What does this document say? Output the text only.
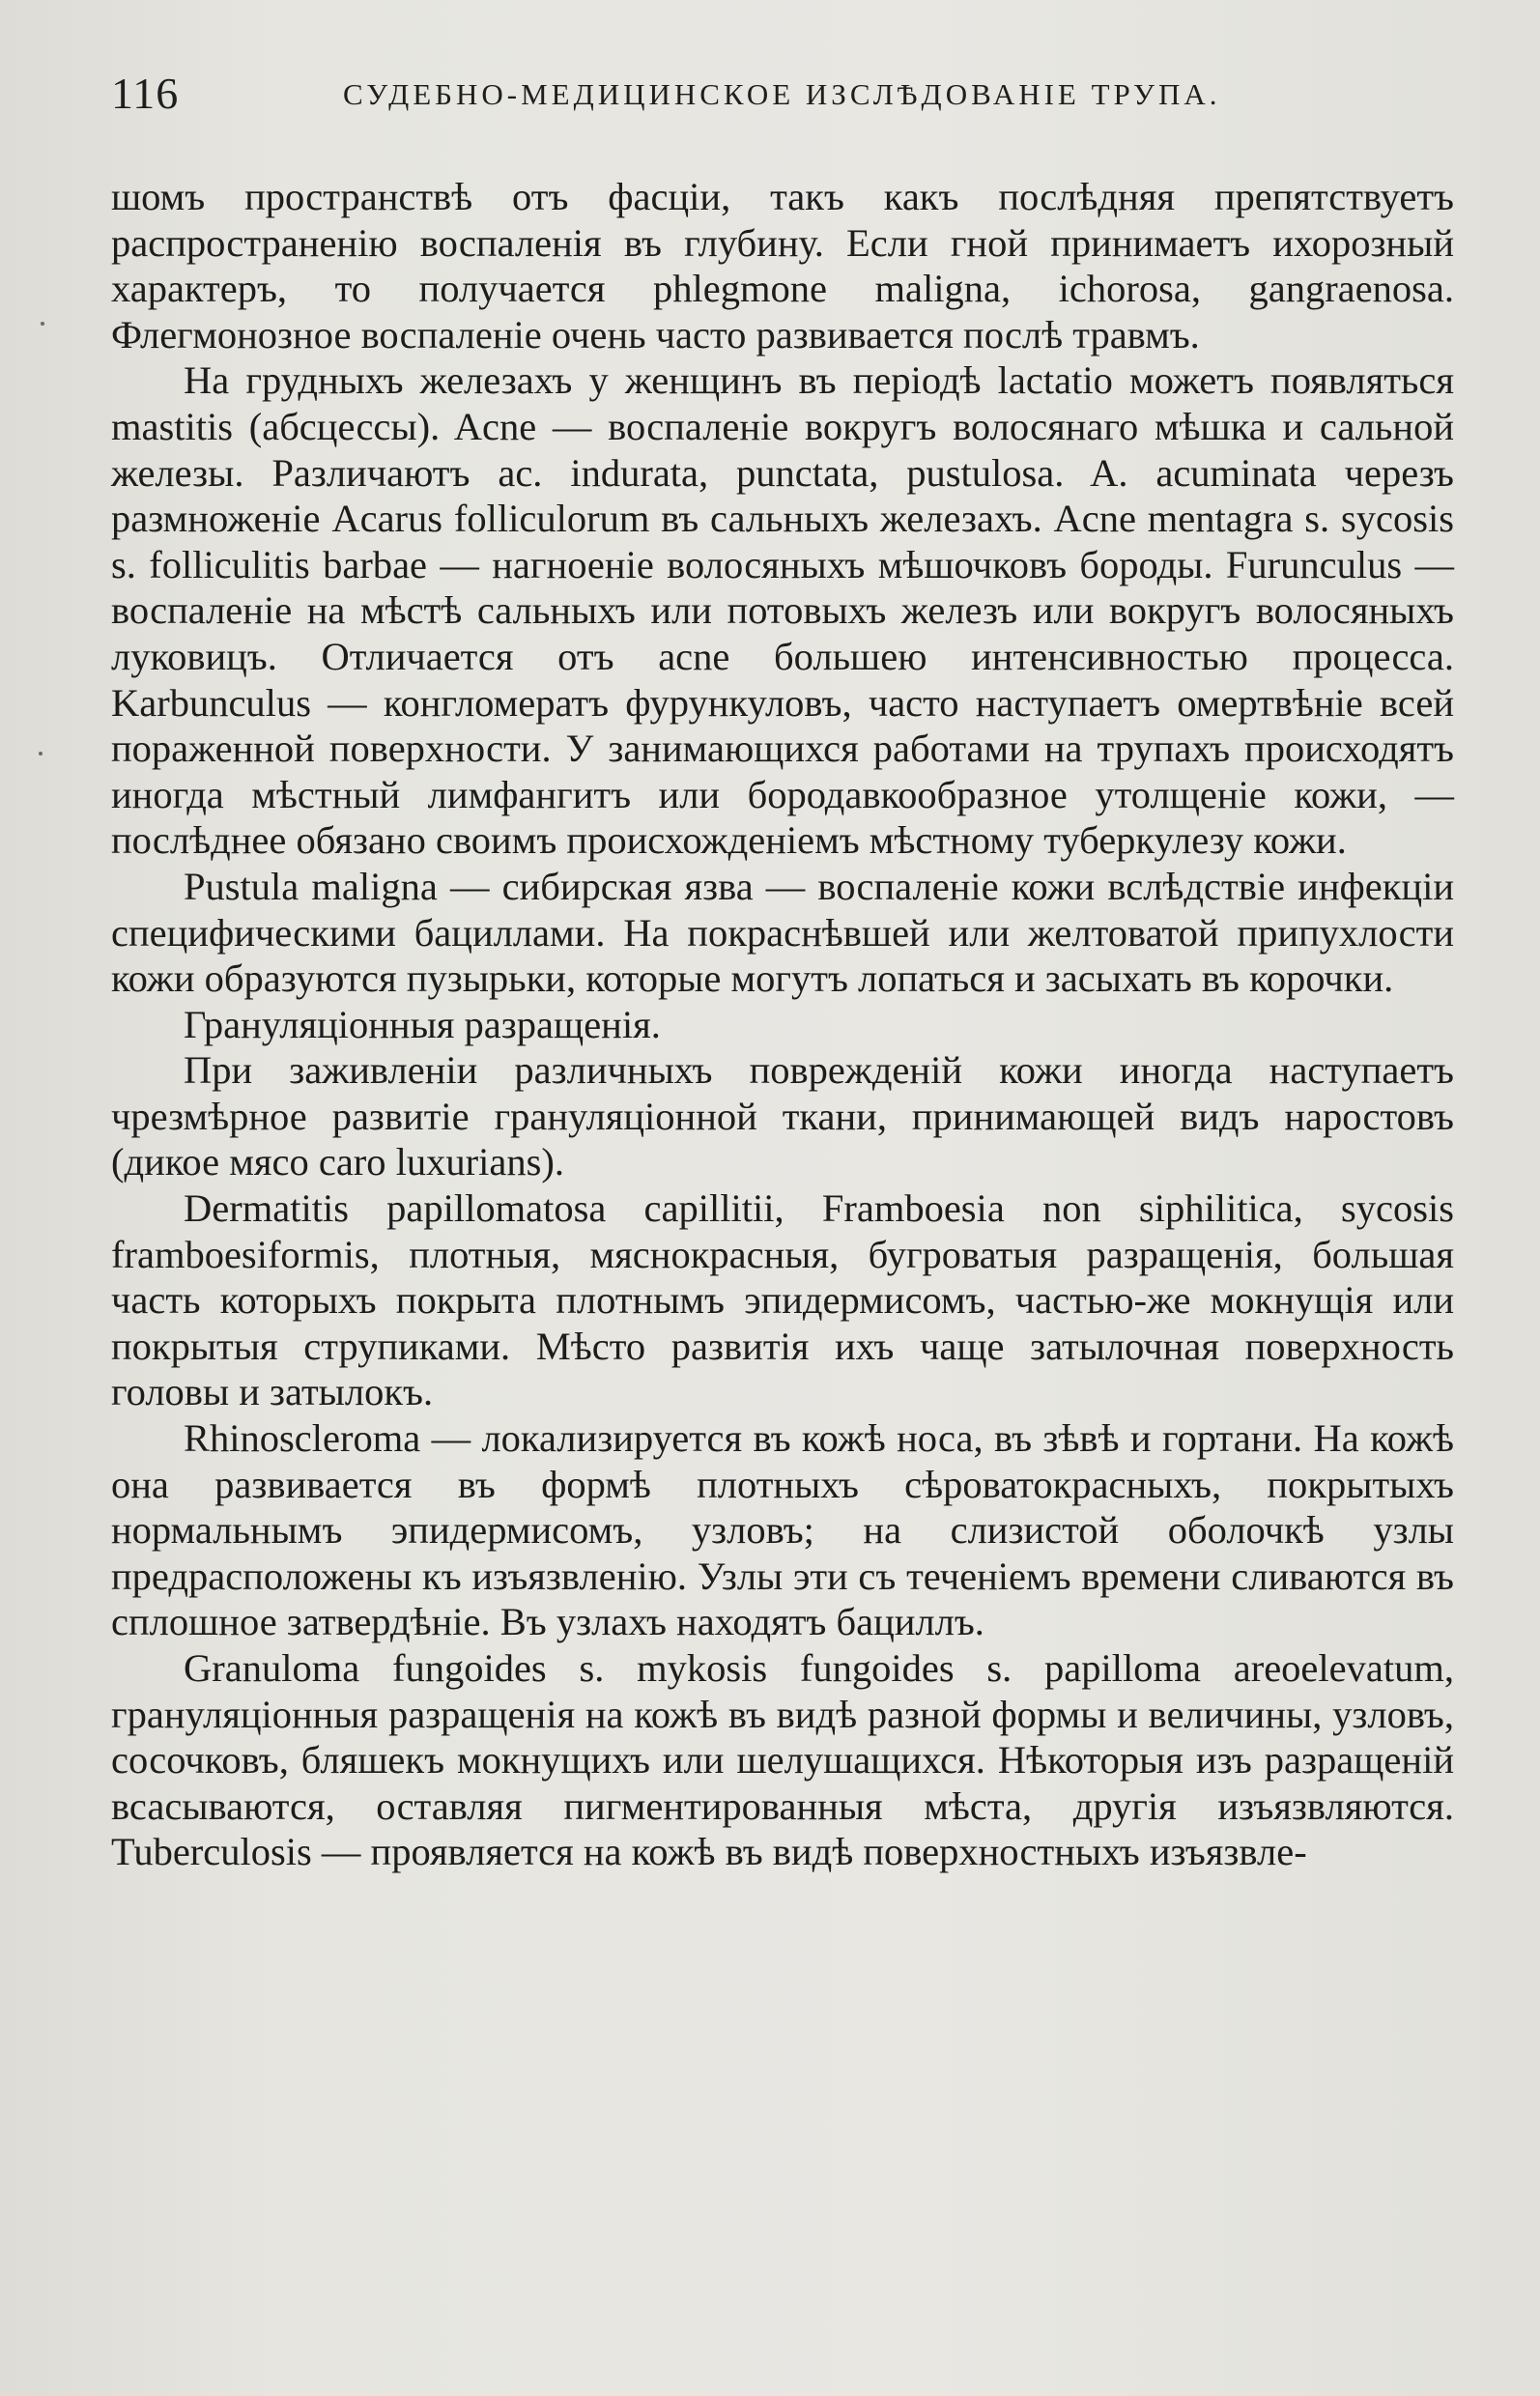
116	СУДЕБНО-МЕДИЦИНСКОЕ ИЗСЛѢДОВАНІЕ ТРУПА.

шомъ пространствѣ отъ фасціи, такъ какъ послѣдняя препятствуетъ распространенію воспаленія въ глубину. Если гной принимаетъ ихорозный характеръ, то получается phlegmone maligna, ichorosa, gangraenosa. Флегмонозное воспаленіе очень часто развивается послѣ травмъ.

На грудныхъ железахъ у женщинъ въ періодѣ lactatio можетъ появляться mastitis (абсцессы). Acne — воспаленіе вокругъ волосянаго мѣшка и сальной железы. Различаютъ ac. indurata, punctata, pustulosa. A. acuminata черезъ размноженіе Acarus folliculorum въ сальныхъ железахъ. Acne mentagra s. sycosis s. folliculitis barbae — нагноеніе волосяныхъ мѣшочковъ бороды. Furunculus — воспаленіе на мѣстѣ сальныхъ или потовыхъ железъ или вокругъ волосяныхъ луковицъ. Отличается отъ acne большею интенсивностью процесса. Karbunculus — конгломератъ фурункуловъ, часто наступаетъ омертвѣніе всей пораженной поверхности. У занимающихся работами на трупахъ происходятъ иногда мѣстный лимфангитъ или бородавкообразное утолщеніе кожи, — послѣднее обязано своимъ происхожденіемъ мѣстному туберкулезу кожи.

Pustula maligna — сибирская язва — воспаленіе кожи вслѣдствіе инфекціи специфическими бациллами. На покраснѣвшей или желтоватой припухлости кожи образуются пузырьки, которые могутъ лопаться и засыхать въ корочки.

Грануляціонныя разращенія.

При заживленіи различныхъ поврежденій кожи иногда наступаетъ чрезмѣрное развитіе грануляціонной ткани, принимающей видъ наростовъ (дикое мясо caro luxurians).

Dermatitis papillomatosa capillitii, Framboesia non siphilitica, sycosis framboesiformis, плотныя, мяснокрасныя, бугроватыя разращенія, большая часть которыхъ покрыта плотнымъ эпидермисомъ, частью-же мокнущія или покрытыя струпиками. Мѣсто развитія ихъ чаще затылочная поверхность головы и затылокъ.

Rhinoscleroma — локализируется въ кожѣ носа, въ зѣвѣ и гортани. На кожѣ она развивается въ формѣ плотныхъ сѣроватокрасныхъ, покрытыхъ нормальнымъ эпидермисомъ, узловъ; на слизистой оболочкѣ узлы предрасположены къ изъязвленію. Узлы эти съ теченіемъ времени сливаются въ сплошное затвердѣніе. Въ узлахъ находятъ бациллъ.

Granuloma fungoides s. mykosis fungoides s. papilloma areoelevatum, грануляціонныя разращенія на кожѣ въ видѣ разной формы и величины, узловъ, сосочковъ, бляшекъ мокнущихъ или шелушащихся. Нѣкоторыя изъ разращеній всасываются, оставляя пигментированныя мѣста, другія изъязвляются. Tuberculosis — проявляется на кожѣ въ видѣ поверхностныхъ изъязвле-
